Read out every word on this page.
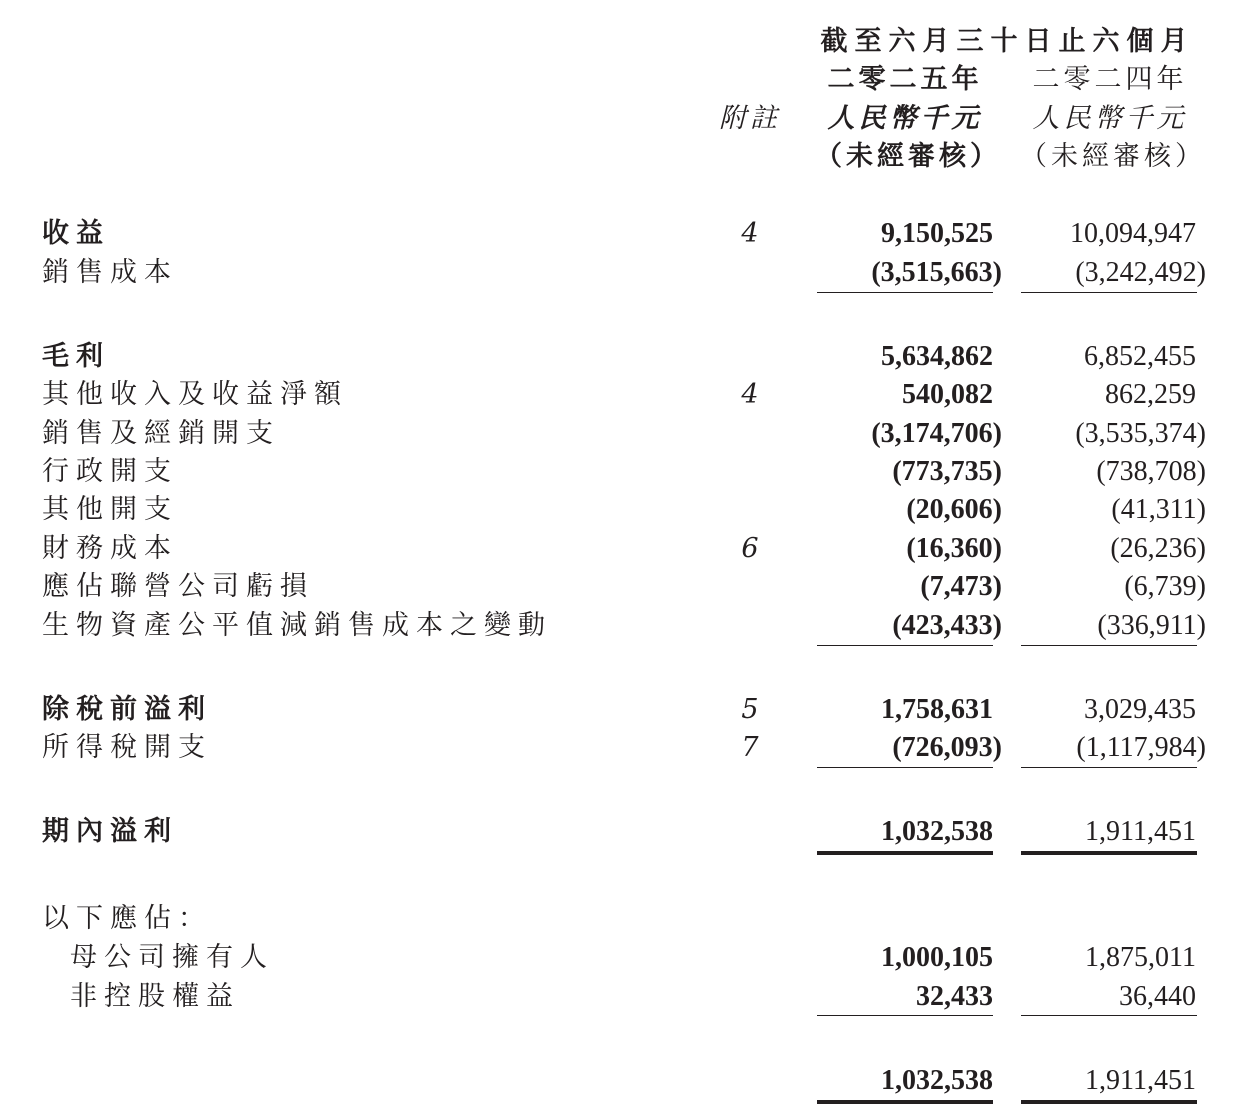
截至六月三十日止六個月
二零二五年	二零二四年
附註	人民幣千元	人民幣千元
（未經審核） （未經審核）
收益	4	9,150,525	10,094,947
銷售成本	(3,515,663)	(3,242,492)
毛利	5,634,862	6,852,455
其他收入及收益淨額	4	540,082	862,259
銷售及經銷開支	(3,174,706)	(3,535,374)
行政開支	(773,735)	(738,708)
其他開支	(20,606)	(41,311)
財務成本	6	(16,360)	(26,236)
應佔聯營公司虧損	(7,473)	(6,739)
生物資產公平值減銷售成本之變動	(423,433)	(336,911)
除稅前溢利	5	1,758,631	3,029,435
所得稅開支	7	(726,093)	(1,117,984)
期內溢利	1,032,538	1,911,451
以下應佔：
母公司擁有人	1,000,105	1,875,011
非控股權益	32,433	36,440
1,032,538	1,911,451
